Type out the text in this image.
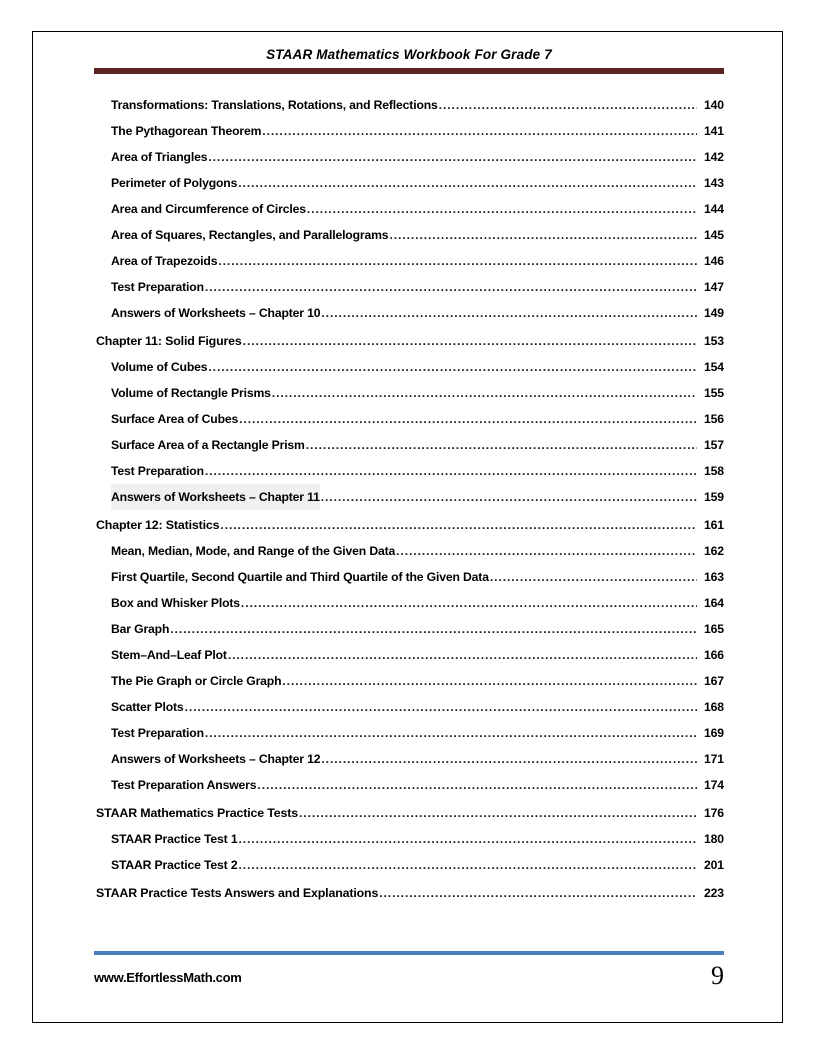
STAAR Mathematics Workbook For Grade 7
Transformations: Translations, Rotations, and Reflections .....	140
The Pythagorean Theorem .....	141
Area of Triangles .....	142
Perimeter of Polygons .....	143
Area and Circumference of Circles .....	144
Area of Squares, Rectangles, and Parallelograms .....	145
Area of Trapezoids .....	146
Test Preparation .....	147
Answers of Worksheets – Chapter 10 .....	149
Chapter 11: Solid Figures .....	153
Volume of Cubes .....	154
Volume of Rectangle Prisms .....	155
Surface Area of Cubes .....	156
Surface Area of a Rectangle Prism .....	157
Test Preparation .....	158
Answers of Worksheets – Chapter 11 .....	159
Chapter 12: Statistics .....	161
Mean, Median, Mode, and Range of the Given Data .....	162
First Quartile, Second Quartile and Third Quartile of the Given Data .....	163
Box and Whisker Plots .....	164
Bar Graph .....	165
Stem–And–Leaf Plot .....	166
The Pie Graph or Circle Graph .....	167
Scatter Plots .....	168
Test Preparation .....	169
Answers of Worksheets – Chapter 12 .....	171
Test Preparation Answers .....	174
STAAR Mathematics Practice Tests .....	176
STAAR Practice Test 1 .....	180
STAAR Practice Test 2 .....	201
STAAR Practice Tests Answers and Explanations .....	223
www.EffortlessMath.com	9
